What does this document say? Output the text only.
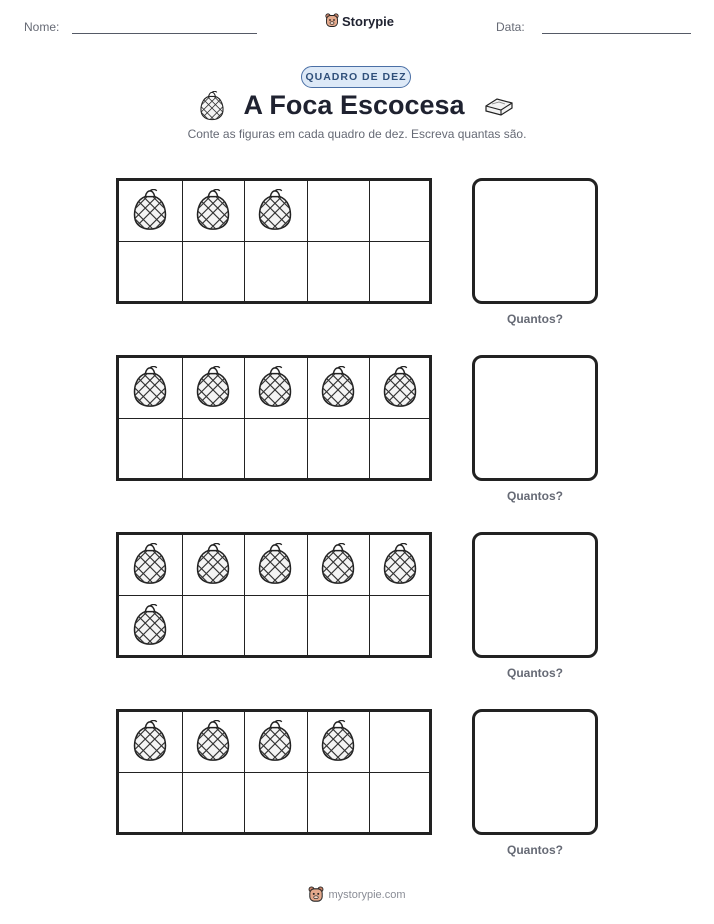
Nome:	Storypie	Data:
QUADRO DE DEZ
A Foca Escocesa
Conte as figuras em cada quadro de dez. Escreva quantas são.
Quantos?
Quantos?
Quantos?
Quantos?
mystorypie.com
